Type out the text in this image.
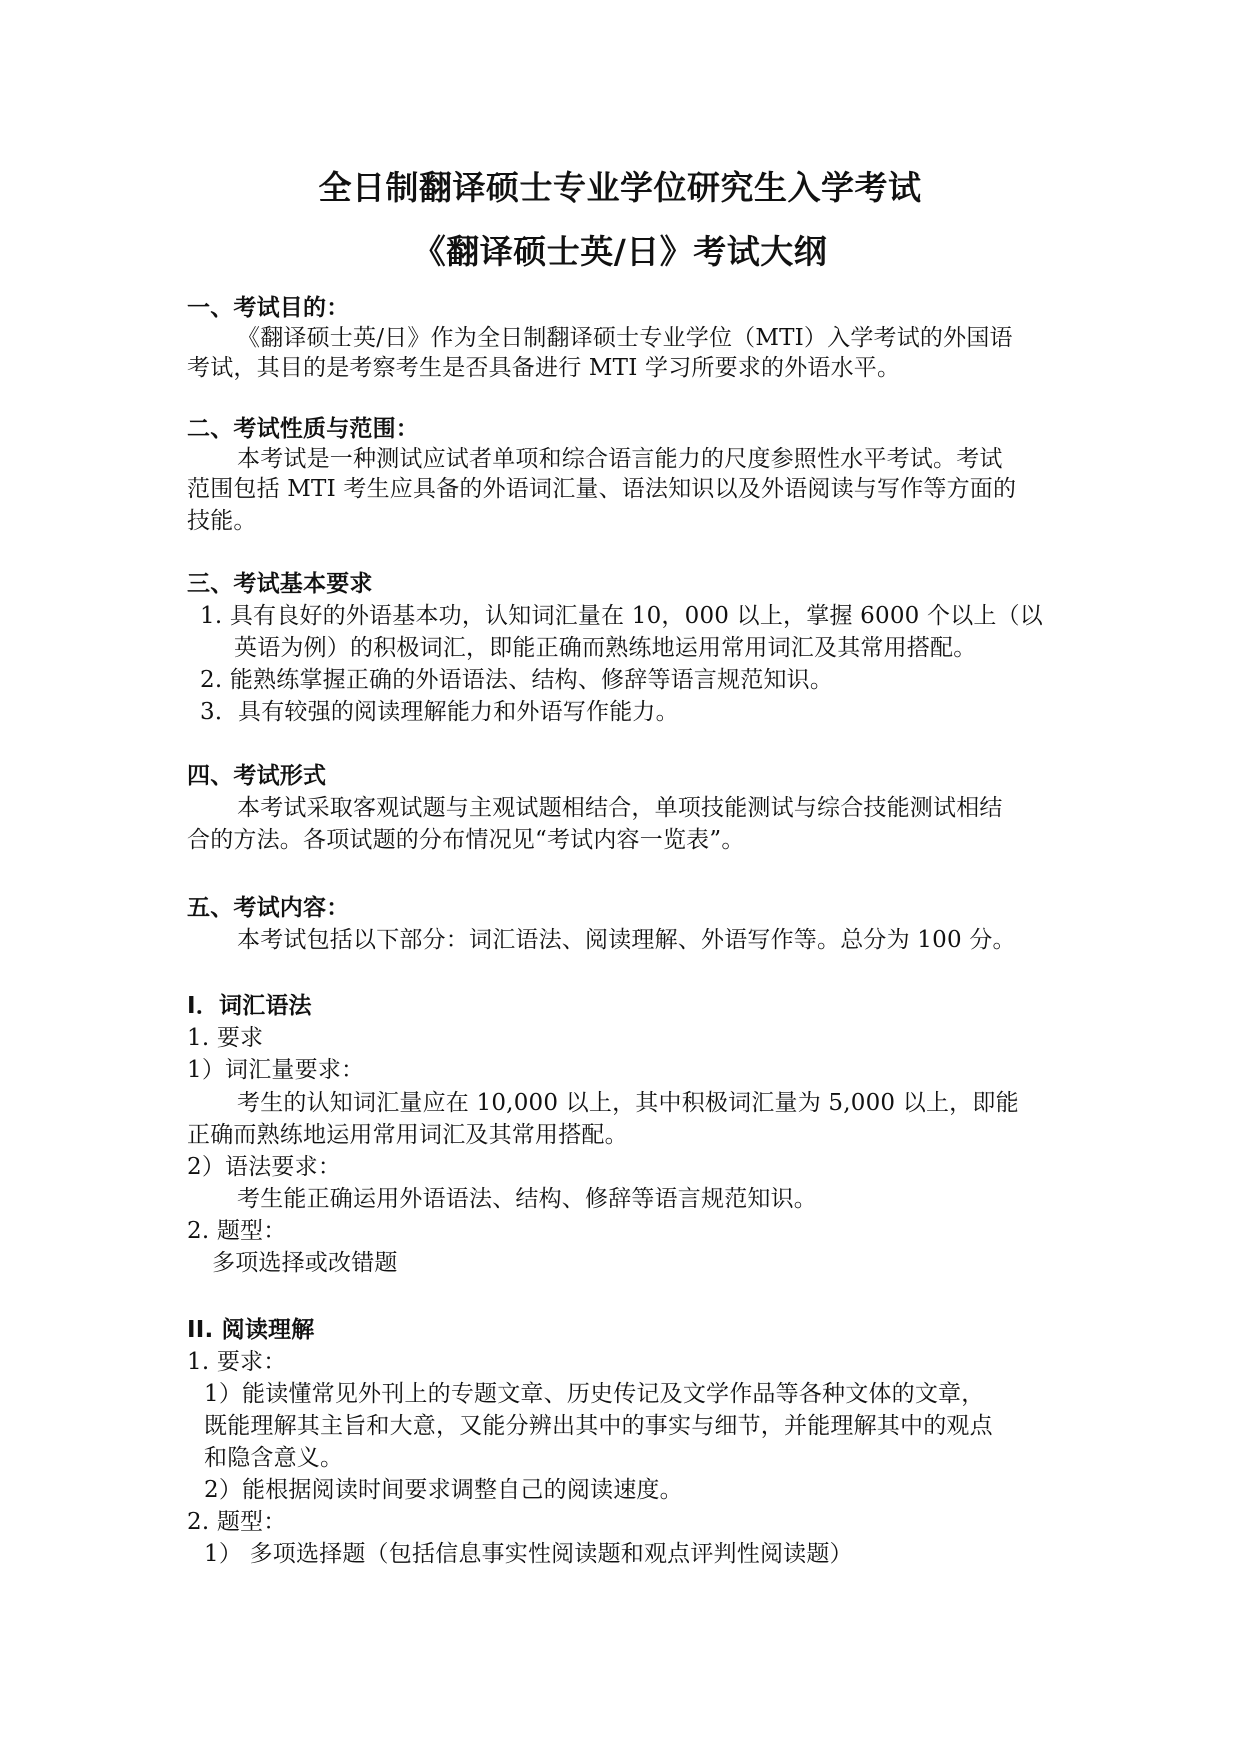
全日制翻译硕士专业学位研究生入学考试
《翻译硕士英/日》考试大纲
一、考试目的：
《翻译硕士英/日》作为全日制翻译硕士专业学位（MTI）入学考试的外国语
考试，其目的是考察考生是否具备进行 MTI 学习所要求的外语水平。
二、考试性质与范围：
本考试是一种测试应试者单项和综合语言能力的尺度参照性水平考试。考试
范围包括 MTI 考生应具备的外语词汇量、语法知识以及外语阅读与写作等方面的
技能。
三、考试基本要求
1. 具有良好的外语基本功，认知词汇量在 10，000 以上，掌握 6000 个以上（以
英语为例）的积极词汇，即能正确而熟练地运用常用词汇及其常用搭配。
2. 能熟练掌握正确的外语语法、结构、修辞等语言规范知识。
3．具有较强的阅读理解能力和外语写作能力。
四、考试形式
本考试采取客观试题与主观试题相结合，单项技能测试与综合技能测试相结
合的方法。各项试题的分布情况见“考试内容一览表”。
五、考试内容：
本考试包括以下部分：词汇语法、阅读理解、外语写作等。总分为 100 分。
I．词汇语法
1. 要求
1）词汇量要求：
考生的认知词汇量应在 10,000 以上，其中积极词汇量为 5,000 以上，即能
正确而熟练地运用常用词汇及其常用搭配。
2）语法要求：
考生能正确运用外语语法、结构、修辞等语言规范知识。
2. 题型：
多项选择或改错题
II. 阅读理解
1. 要求：
1）能读懂常见外刊上的专题文章、历史传记及文学作品等各种文体的文章，
既能理解其主旨和大意，又能分辨出其中的事实与细节，并能理解其中的观点
和隐含意义。
2）能根据阅读时间要求调整自己的阅读速度。
2. 题型：
1） 多项选择题（包括信息事实性阅读题和观点评判性阅读题）
